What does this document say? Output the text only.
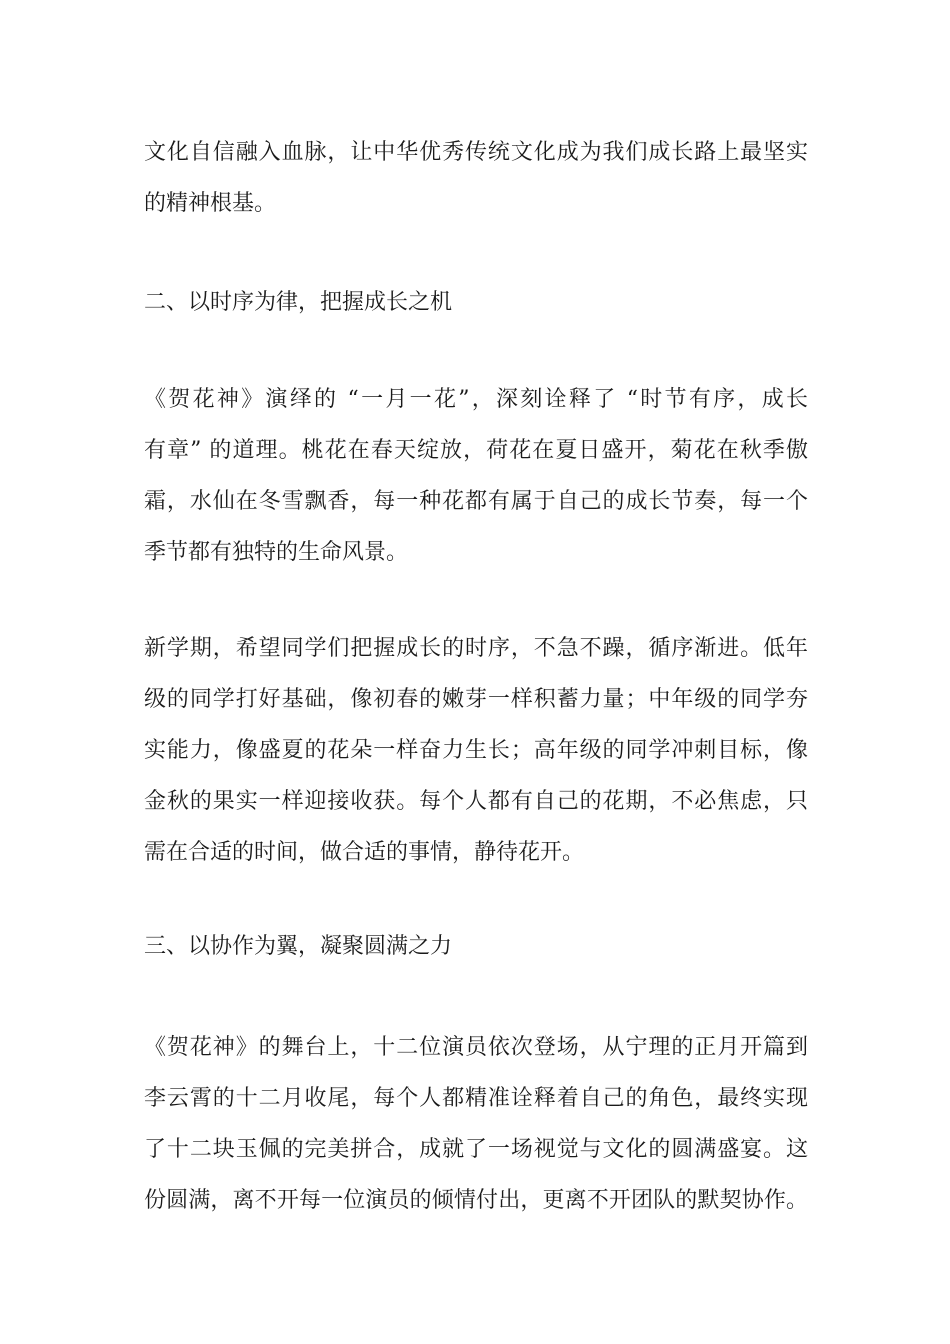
文化自信融入血脉，让中华优秀传统文化成为我们成长路上最坚实
的精神根基。
二、以时序为律，把握成长之机
《贺花神》演绎的 “一月一花”，深刻诠释了 “时节有序，成长
有章” 的道理。桃花在春天绽放，荷花在夏日盛开，菊花在秋季傲
霜，水仙在冬雪飘香，每一种花都有属于自己的成长节奏，每一个
季节都有独特的生命风景。
新学期，希望同学们把握成长的时序，不急不躁，循序渐进。低年
级的同学打好基础，像初春的嫩芽一样积蓄力量；中年级的同学夯
实能力，像盛夏的花朵一样奋力生长；高年级的同学冲刺目标，像
金秋的果实一样迎接收获。每个人都有自己的花期，不必焦虑，只
需在合适的时间，做合适的事情，静待花开。
三、以协作为翼，凝聚圆满之力
《贺花神》的舞台上，十二位演员依次登场，从宁理的正月开篇到
李云霄的十二月收尾，每个人都精准诠释着自己的角色，最终实现
了十二块玉佩的完美拼合，成就了一场视觉与文化的圆满盛宴。这
份圆满，离不开每一位演员的倾情付出，更离不开团队的默契协作。
